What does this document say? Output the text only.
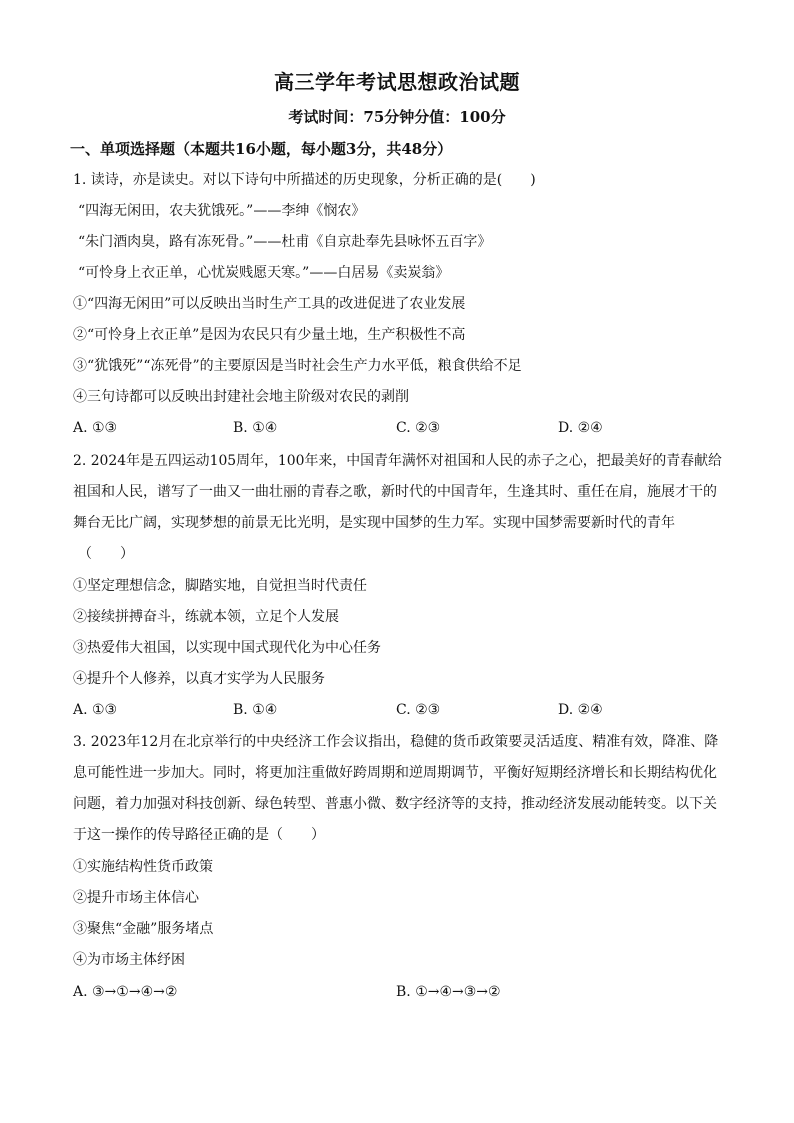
高三学年考试思想政治试题
考试时间：75分钟分值：100分
一、单项选择题（本题共16小题，每小题3分，共48分）
1. 读诗，亦是读史。对以下诗句中所描述的历史现象，分析正确的是(　　)
“四海无闲田，农夫犹饿死。”——李绅《悯农》
“朱门酒肉臭，路有冻死骨。”——杜甫《自京赴奉先县咏怀五百字》
“可怜身上衣正单，心忧炭贱愿天寒。”——白居易《卖炭翁》
①“四海无闲田”可以反映出当时生产工具的改进促进了农业发展
②“可怜身上衣正单”是因为农民只有少量土地，生产积极性不高
③“犹饿死”“冻死骨”的主要原因是当时社会生产力水平低，粮食供给不足
④三句诗都可以反映出封建社会地主阶级对农民的剥削
A. ①③	B. ①④	C. ②③	D. ②④
2. 2024年是五四运动105周年，100年来，中国青年满怀对祖国和人民的赤子之心，把最美好的青春献给
祖国和人民，谱写了一曲又一曲壮丽的青春之歌，新时代的中国青年，生逢其时、重任在肩，施展才干的
舞台无比广阔，实现梦想的前景无比光明，是实现中国梦的生力军。实现中国梦需要新时代的青年
（　　）
①坚定理想信念，脚踏实地，自觉担当时代责任
②接续拼搏奋斗，练就本领，立足个人发展
③热爱伟大祖国，以实现中国式现代化为中心任务
④提升个人修养，以真才实学为人民服务
A. ①③	B. ①④	C. ②③	D. ②④
3. 2023年12月在北京举行的中央经济工作会议指出，稳健的货币政策要灵活适度、精准有效，降准、降
息可能性进一步加大。同时，将更加注重做好跨周期和逆周期调节，平衡好短期经济增长和长期结构优化
问题，着力加强对科技创新、绿色转型、普惠小微、数字经济等的支持，推动经济发展动能转变。以下关
于这一操作的传导路径正确的是（　　）
①实施结构性货币政策
②提升市场主体信心
③聚焦“金融”服务堵点
④为市场主体纾困
A. ③→①→④→②	B. ①→④→③→②
